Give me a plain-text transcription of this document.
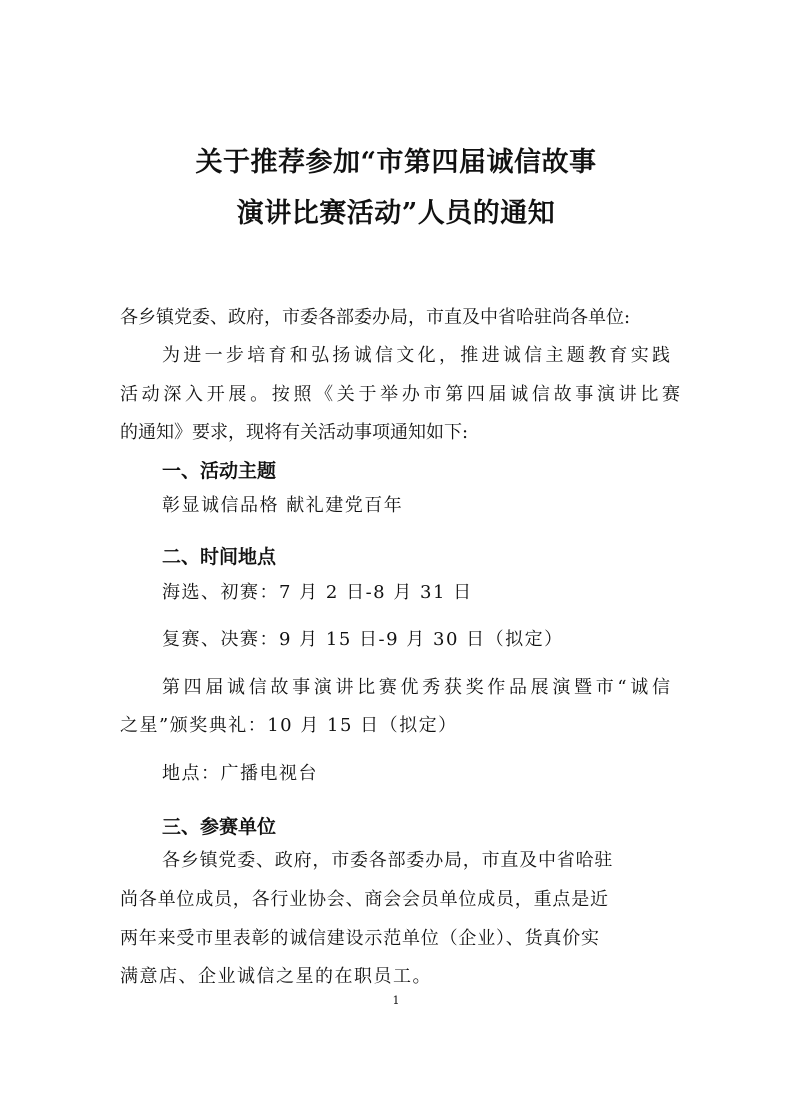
关于推荐参加“市第四届诚信故事
演讲比赛活动”人员的通知
各乡镇党委、政府，市委各部委办局，市直及中省哈驻尚各单位:
为进一步培育和弘扬诚信文化，推进诚信主题教育实践
活动深入开展。按照《关于举办市第四届诚信故事演讲比赛
的通知》要求，现将有关活动事项通知如下:
一、活动主题
彰显诚信品格 献礼建党百年
二、时间地点
海选、初赛：7 月 2 日-8 月 31 日
复赛、决赛：9 月 15 日-9 月 30 日（拟定）
第四届诚信故事演讲比赛优秀获奖作品展演暨市“诚信
之星”颁奖典礼：10 月 15 日（拟定）
地点：广播电视台
三、参赛单位
各乡镇党委、政府，市委各部委办局，市直及中省哈驻
尚各单位成员，各行业协会、商会会员单位成员，重点是近
两年来受市里表彰的诚信建设示范单位（企业）、货真价实
满意店、企业诚信之星的在职员工。
1
